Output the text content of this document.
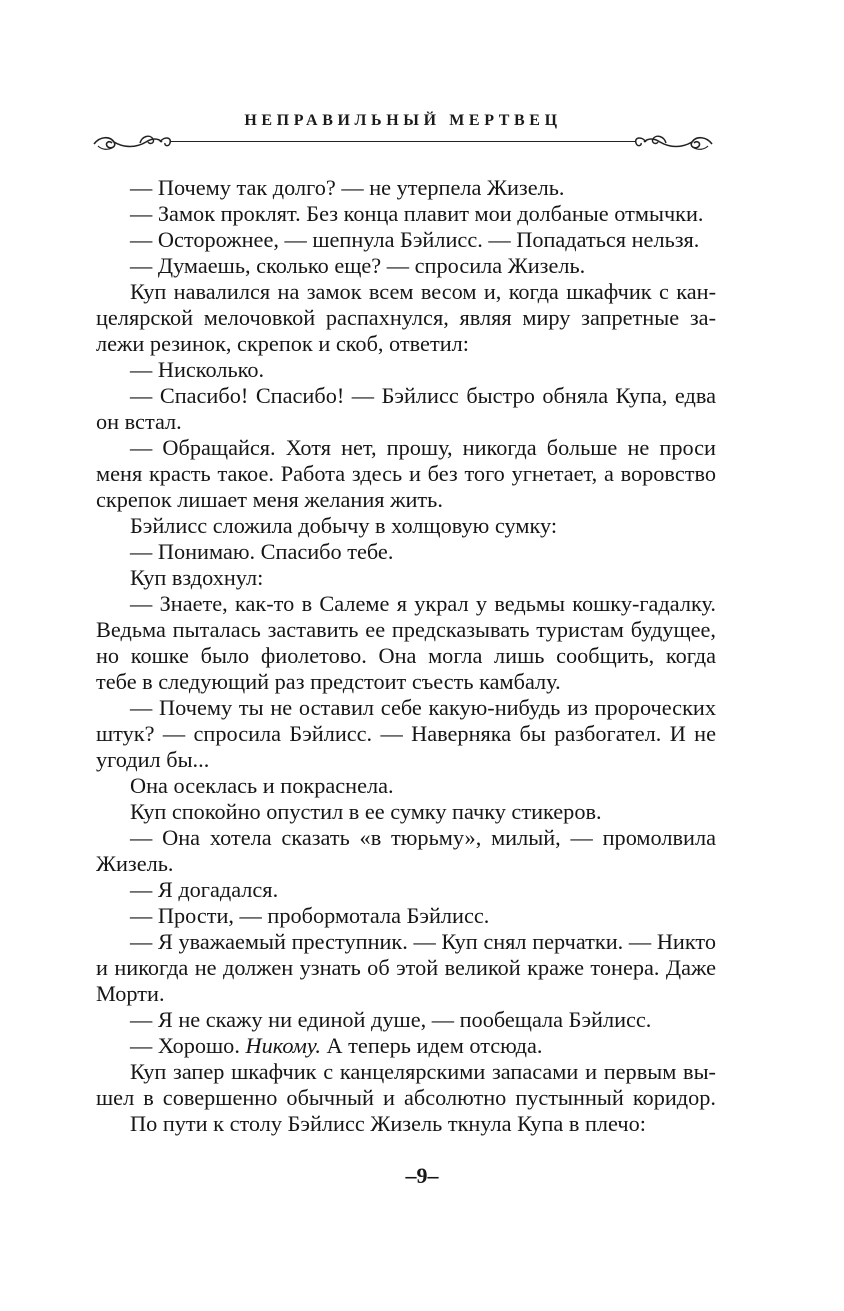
НЕПРАВИЛЬНЫЙ МЕРТВЕЦ
— Почему так долго? — не утерпела Жизель.
— Замок проклят. Без конца плавит мои долбаные отмычки.
— Осторожнее, — шепнула Бэйлисс. — Попадаться нельзя.
— Думаешь, сколько еще? — спросила Жизель.
Куп навалился на замок всем весом и, когда шкафчик с кан-
целярской мелочовкой распахнулся, являя миру запретные за-
лежи резинок, скрепок и скоб, ответил:
— Нисколько.
— Спасибо! Спасибо! — Бэйлисс быстро обняла Купа, едва
он встал.
— Обращайся. Хотя нет, прошу, никогда больше не проси
меня красть такое. Работа здесь и без того угнетает, а воровство
скрепок лишает меня желания жить.
Бэйлисс сложила добычу в холщовую сумку:
— Понимаю. Спасибо тебе.
Куп вздохнул:
— Знаете, как-то в Салеме я украл у ведьмы кошку-гадалку.
Ведьма пыталась заставить ее предсказывать туристам будущее,
но кошке было фиолетово. Она могла лишь сообщить, когда
тебе в следующий раз предстоит съесть камбалу.
— Почему ты не оставил себе какую-нибудь из пророческих
штук? — спросила Бэйлисс. — Наверняка бы разбогател. И не
угодил бы...
Она осеклась и покраснела.
Куп спокойно опустил в ее сумку пачку стикеров.
— Она хотела сказать «в тюрьму», милый, — промолвила
Жизель.
— Я догадался.
— Прости, — пробормотала Бэйлисс.
— Я уважаемый преступник. — Куп снял перчатки. — Никто
и никогда не должен узнать об этой великой краже тонера. Даже
Морти.
— Я не скажу ни единой душе, — пообещала Бэйлисс.
— Хорошо. Никому. А теперь идем отсюда.
Куп запер шкафчик с канцелярскими запасами и первым вы-
шел в совершенно обычный и абсолютно пустынный коридор.
По пути к столу Бэйлисс Жизель ткнула Купа в плечо:
–9–
